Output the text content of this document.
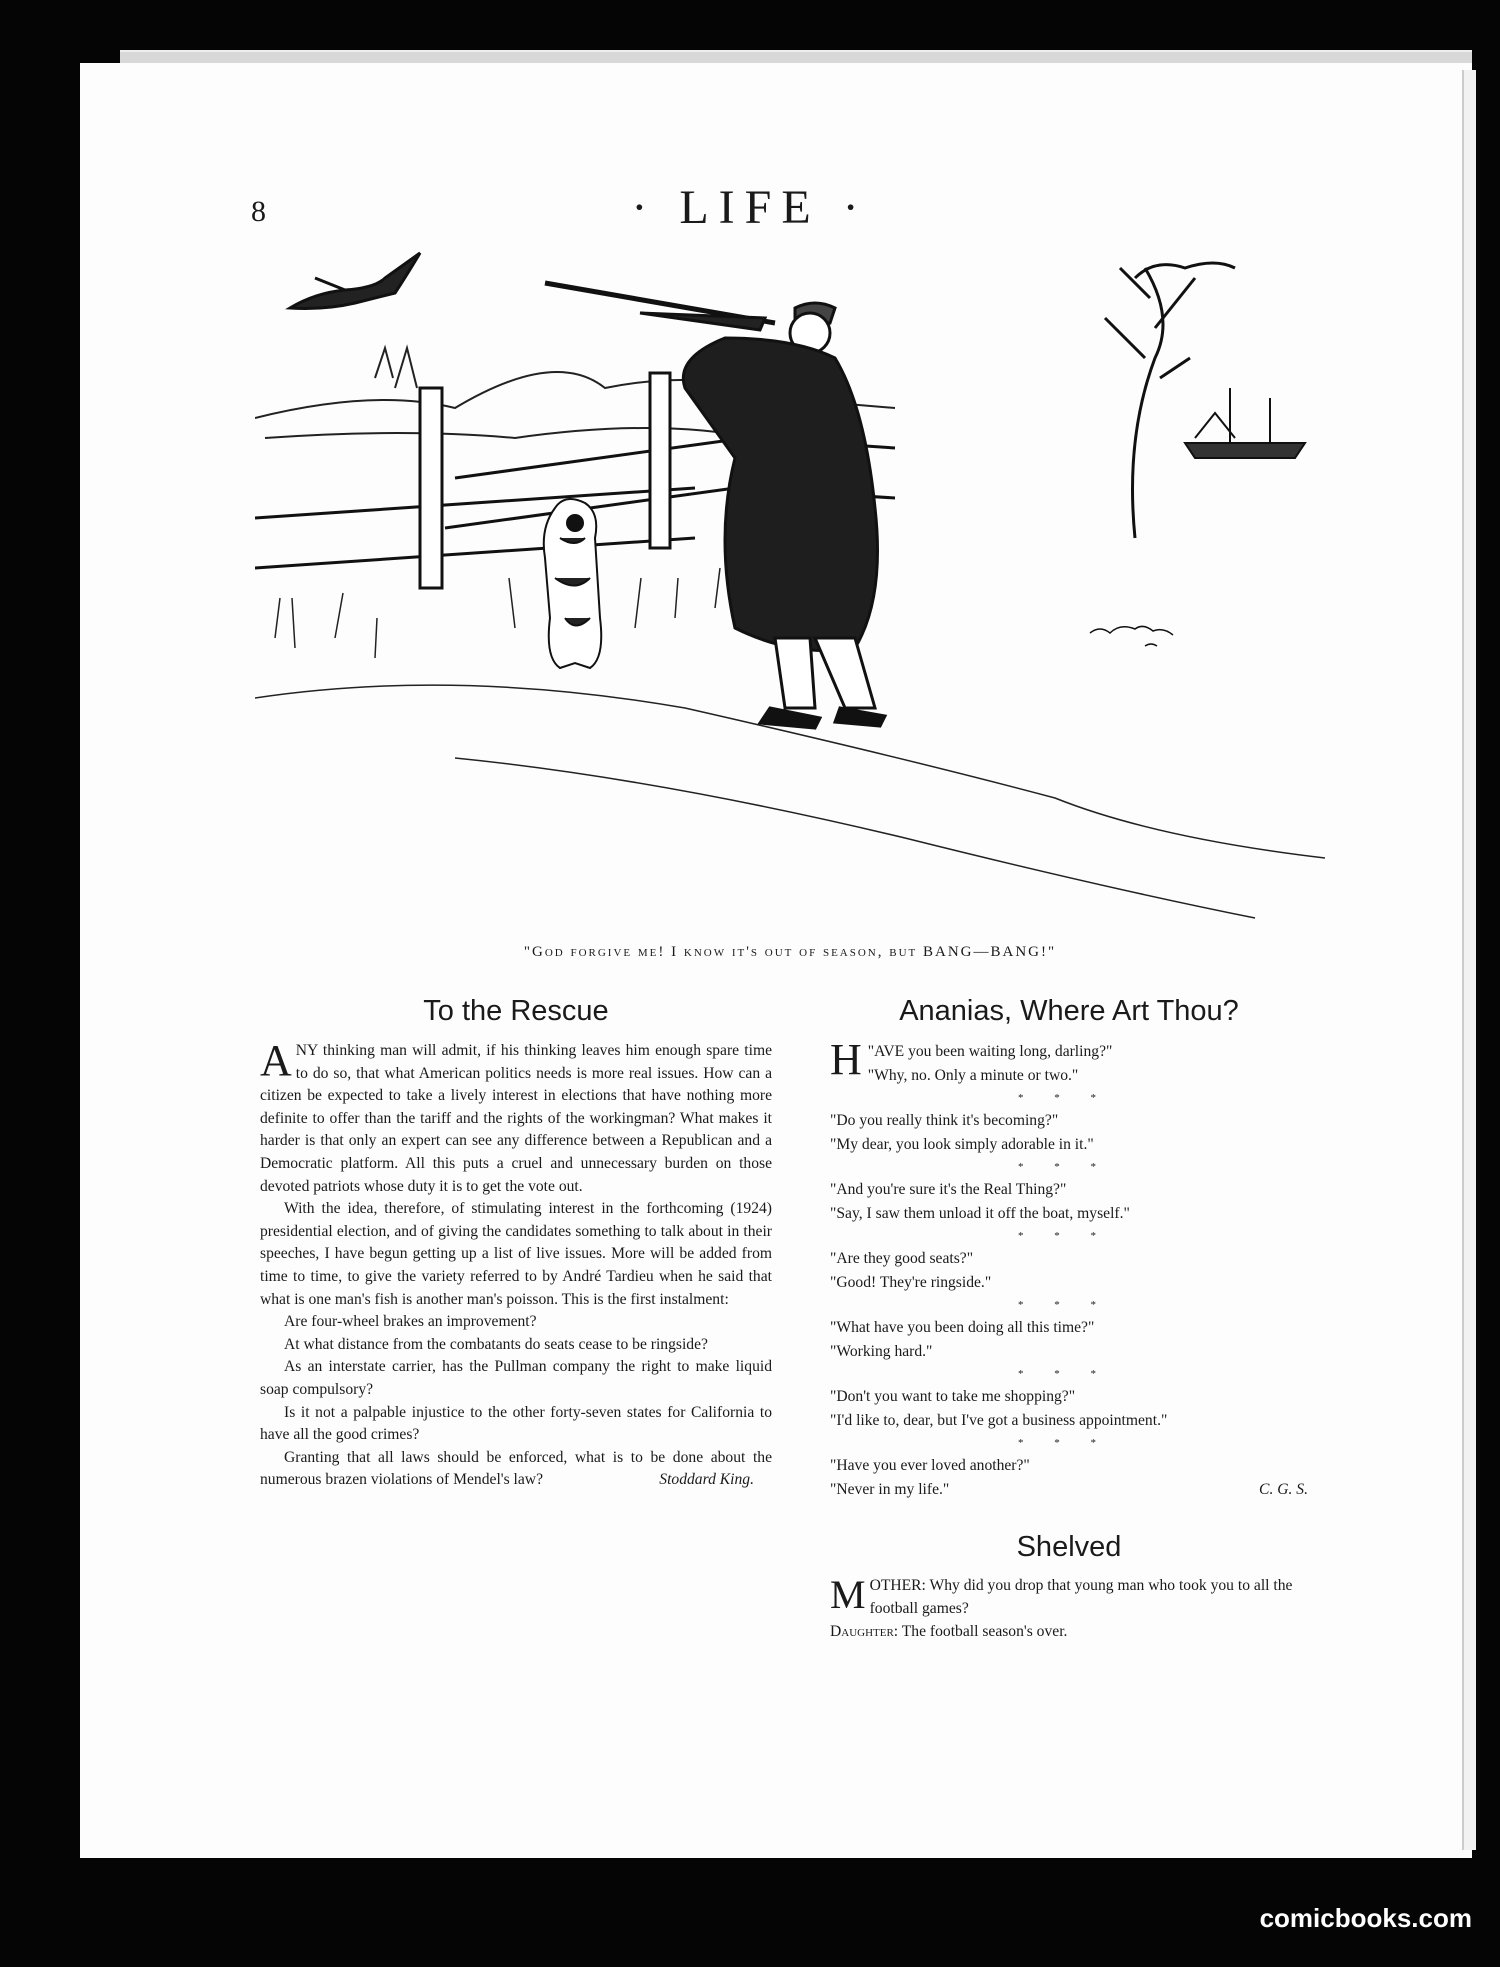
8	· LIFE ·
"God forgive me! I know it's out of season, but BANG—BANG!"
To the Rescue

ANY thinking man will admit, if his thinking leaves him enough spare time to do so, that what American politics needs is more real issues. How can a citizen be expected to take a lively interest in elections that have nothing more definite to offer than the tariff and the rights of the workingman? What makes it harder is that only an expert can see any difference between a Republican and a Democratic platform. All this puts a cruel and unnecessary burden on those devoted patriots whose duty it is to get the vote out.

With the idea, therefore, of stimulating interest in the forthcoming (1924) presidential election, and of giving the candidates something to talk about in their speeches, I have begun getting up a list of live issues. More will be added from time to time, to give the variety referred to by André Tardieu when he said that what is one man's fish is another man's poisson. This is the first instalment:

Are four-wheel brakes an improvement?

At what distance from the combatants do seats cease to be ringside?

As an interstate carrier, has the Pullman company the right to make liquid soap compulsory?

Is it not a palpable injustice to the other forty-seven states for California to have all the good crimes?

Granting that all laws should be enforced, what is to be done about the numerous brazen violations of Mendel's law?	Stoddard King.

Ananias, Where Art Thou?
H "AVE you been waiting long, darling?"
"Why, no. Only a minute or two."
* * *
"Do you really think it's becoming?"
"My dear, you look simply adorable in it."
* * *
"And you're sure it's the Real Thing?"
"Say, I saw them unload it off the boat, myself."
* * *
"Are they good seats?"
"Good! They're ringside."
* * *
"What have you been doing all this time?"
"Working hard."
* * *
"Don't you want to take me shopping?"
"I'd like to, dear, but I've got a business appointment."
* * *
"Have you ever loved another?"
"Never in my life."	C. G. S.
Shelved

MOTHER: Why did you drop that young man who took you to all the football games?

Daughter: The football season's over.

comicbooks.com
